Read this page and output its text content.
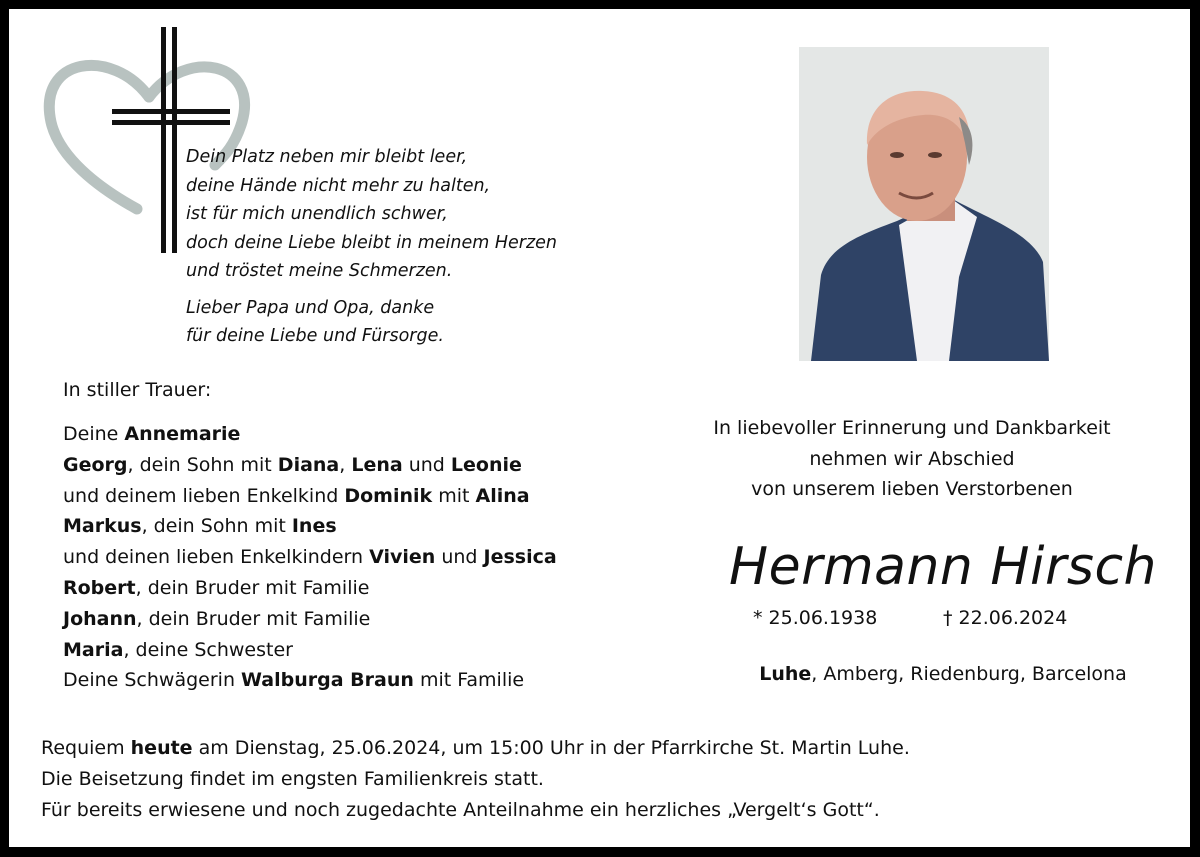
Dein Platz neben mir bleibt leer,
deine Hände nicht mehr zu halten,
ist für mich unendlich schwer,
doch deine Liebe bleibt in meinem Herzen
und tröstet meine Schmerzen.
Lieber Papa und Opa, danke
für deine Liebe und Fürsorge.
In stiller Trauer:
Deine Annemarie
Georg, dein Sohn mit Diana, Lena und Leonie
und deinem lieben Enkelkind Dominik mit Alina
Markus, dein Sohn mit Ines
und deinen lieben Enkelkindern Vivien und Jessica
Robert, dein Bruder mit Familie
Johann, dein Bruder mit Familie
Maria, deine Schwester
Deine Schwägerin Walburga Braun mit Familie
In liebevoller Erinnerung und Dankbarkeit
nehmen wir Abschied
von unserem lieben Verstorbenen
Hermann Hirsch
* 25.06.1938	† 22.06.2024
Luhe, Amberg, Riedenburg, Barcelona
Requiem heute am Dienstag, 25.06.2024, um 15:00 Uhr in der Pfarrkirche St. Martin Luhe.
Die Beisetzung findet im engsten Familienkreis statt.
Für bereits erwiesene und noch zugedachte Anteilnahme ein herzliches „Vergelt‘s Gott“.
